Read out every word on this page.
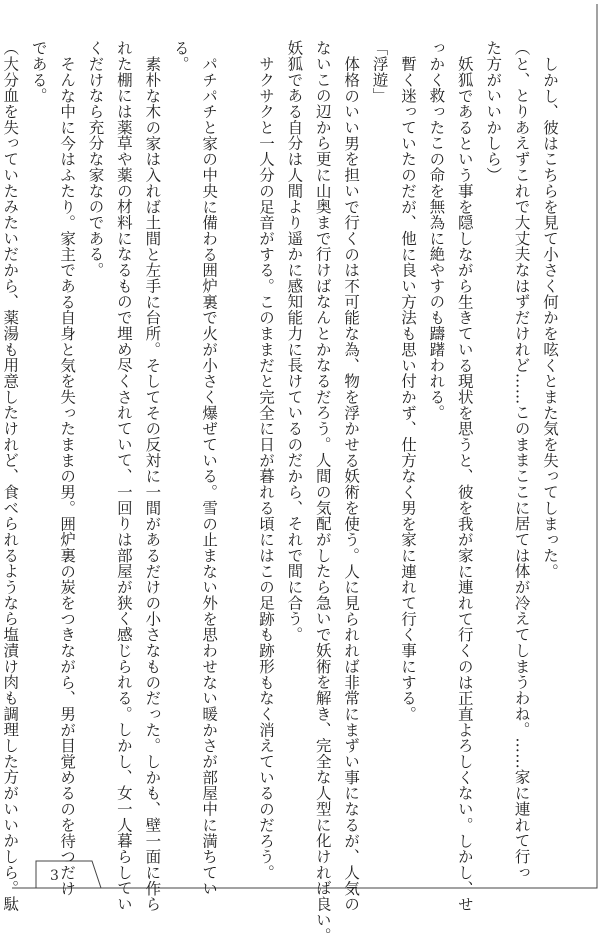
しかし、彼はこちらを見て小さく何かを呟くとまた気を失ってしまった。
（と、とりあえずこれで大丈夫なはずだけれど……このままここに居ては体が冷えてしまうわね。……家に連れて行っ
た方がいいかしら）
妖狐であるという事を隠しながら生きている現状を思うと、彼を我が家に連れて行くのは正直よろしくない。しかし、せ
っかく救ったこの命を無為に絶やすのも躊躇われる。
暫く迷っていたのだが、他に良い方法も思い付かず、仕方なく男を家に連れて行く事にする。
「浮遊」
体格のいい男を担いで行くのは不可能な為、物を浮かせる妖術を使う。人に見られれば非常にまずい事になるが、人気の
ないこの辺から更に山奥まで行けばなんとかなるだろう。人間の気配がしたら急いで妖術を解き、完全な人型に化ければ良い。
妖狐である自分は人間より遥かに感知能力に長けているのだから、それで間に合う。
サクサクと一人分の足音がする。このままだと完全に日が暮れる頃にはこの足跡も跡形もなく消えているのだろう。

パチパチと家の中央に備わる囲炉裏で火が小さく爆ぜている。雪の止まない外を思わせない暖かさが部屋中に満ちてい
る。
素朴な木の家は入れば土間と左手に台所。そしてその反対に一間があるだけの小さなものだった。しかも、壁一面に作ら
れた棚には薬草や薬の材料になるもので埋め尽くされていて、一回りは部屋が狭く感じられる。しかし、女一人暮らしてい
くだけなら充分な家なのである。
そんな中に今はふたり。家主である自身と気を失ったままの男。囲炉裏の炭をつきながら、男が目覚めるのを待つだけ
である。
（大分血を失っていたみたいだから、薬湯も用意したけれど、食べられるようなら塩漬け肉も調理した方がいいかしら。駄	3
